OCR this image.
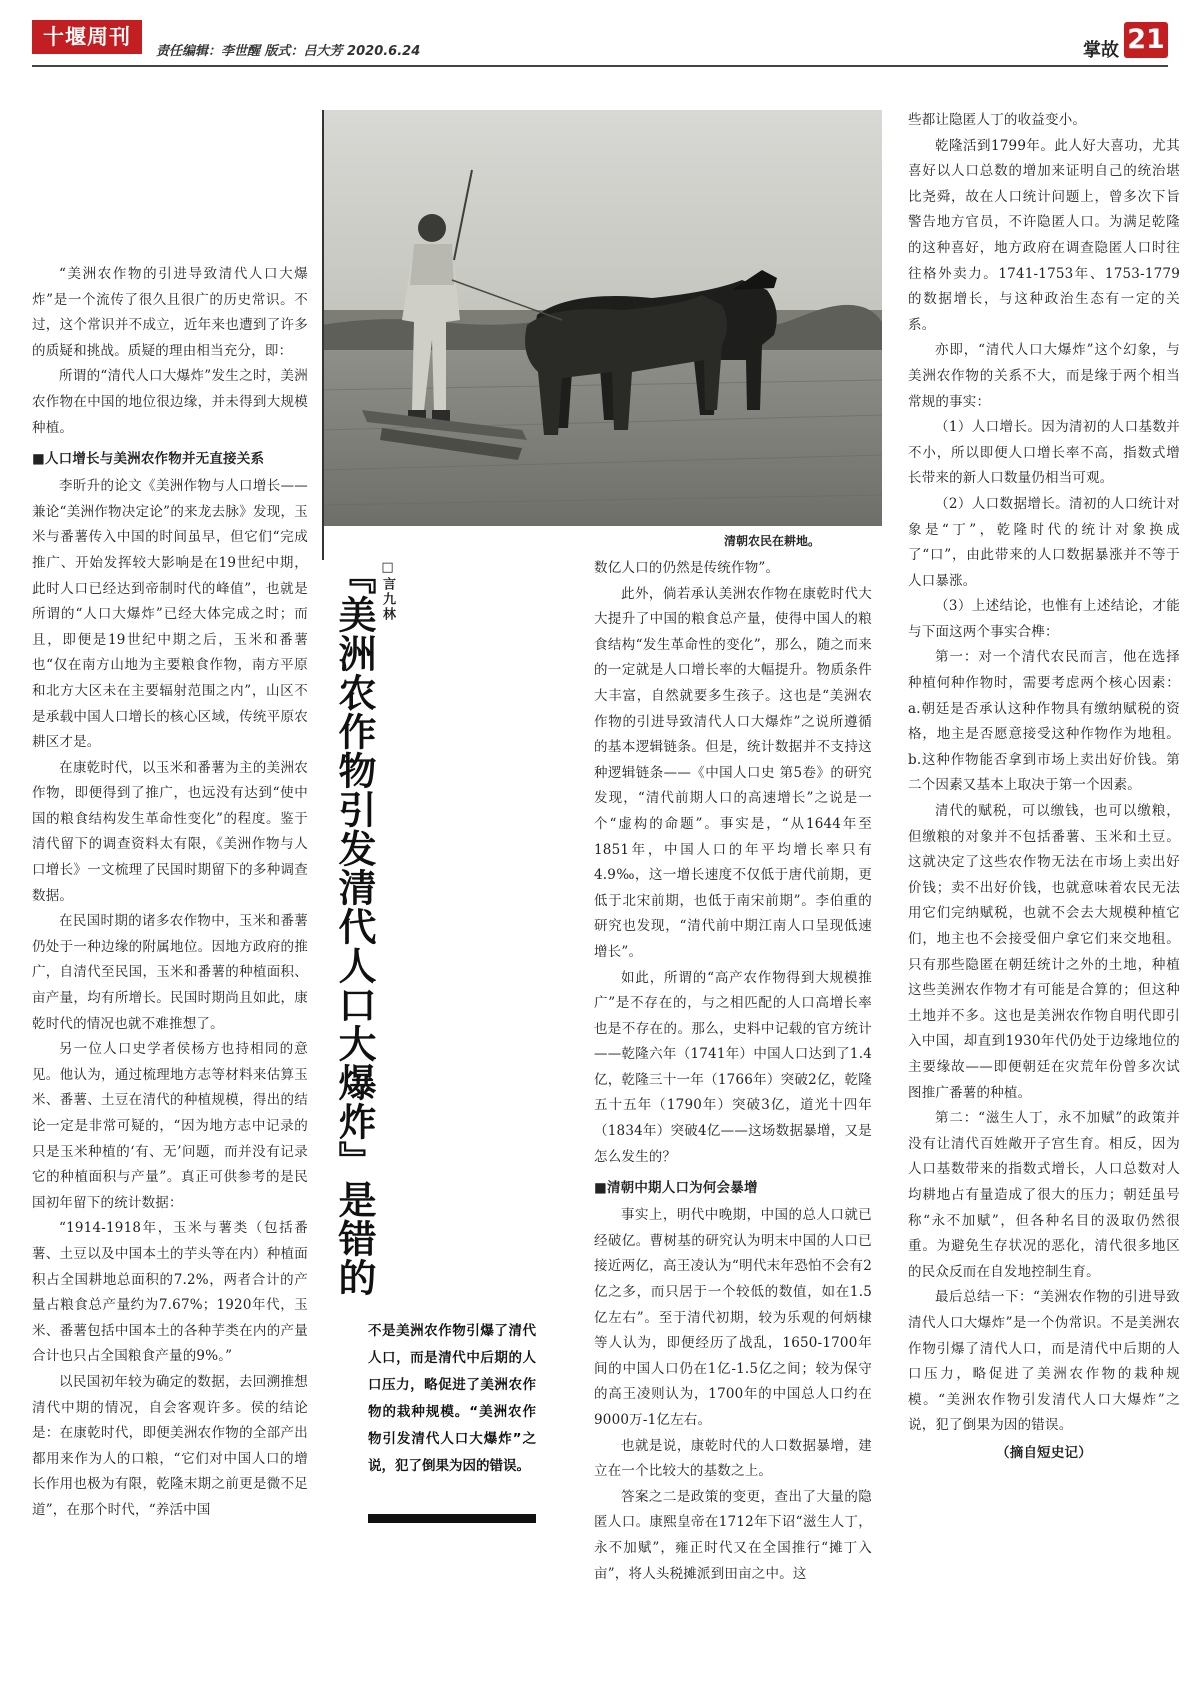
十堰周刊
责任编辑：李世醒 版式：吕大芳 2020.6.24	掌故 21
清朝农民在耕地。
『美洲农作物引发清代人口大爆炸』是错的 □言九林
不是美洲农作物引爆了清代人口，而是清代中后期的人口压力，略促进了美洲农作物的栽种规模。“美洲农作物引发清代人口大爆炸”之说，犯了倒果为因的错误。

“美洲农作物的引进导致清代人口大爆炸”是一个流传了很久且很广的历史常识。不过，这个常识并不成立，近年来也遭到了许多的质疑和挑战。质疑的理由相当充分，即：

所谓的“清代人口大爆炸”发生之时，美洲农作物在中国的地位很边缘，并未得到大规模种植。

■人口增长与美洲农作物并无直接关系

李昕升的论文《美洲作物与人口增长——兼论“美洲作物决定论”的来龙去脉》发现，玉米与番薯传入中国的时间虽早，但它们“完成推广、开始发挥较大影响是在19世纪中期，此时人口已经达到帝制时代的峰值”，也就是所谓的“人口大爆炸”已经大体完成之时；而且，即便是19世纪中期之后，玉米和番薯也“仅在南方山地为主要粮食作物，南方平原和北方大区未在主要辐射范围之内”，山区不是承载中国人口增长的核心区域，传统平原农耕区才是。

在康乾时代，以玉米和番薯为主的美洲农作物，即便得到了推广，也远没有达到“使中国的粮食结构发生革命性变化”的程度。鉴于清代留下的调查资料太有限，《美洲作物与人口增长》一文梳理了民国时期留下的多种调查数据。

在民国时期的诸多农作物中，玉米和番薯仍处于一种边缘的附属地位。因地方政府的推广，自清代至民国，玉米和番薯的种植面积、亩产量，均有所增长。民国时期尚且如此，康乾时代的情况也就不难推想了。

另一位人口史学者侯杨方也持相同的意见。他认为，通过梳理地方志等材料来估算玉米、番薯、土豆在清代的种植规模，得出的结论一定是非常可疑的，“因为地方志中记录的只是玉米种植的‘有、无’问题，而并没有记录它的种植面积与产量”。真正可供参考的是民国初年留下的统计数据：

“1914-1918年，玉米与薯类（包括番薯、土豆以及中国本土的芋头等在内）种植面积占全国耕地总面积的7.2%，两者合计的产量占粮食总产量约为7.67%；1920年代，玉米、番薯包括中国本土的各种芋类在内的产量合计也只占全国粮食产量的9%。”

以民国初年较为确定的数据，去回溯推想清代中期的情况，自会客观许多。侯的结论是：在康乾时代，即便美洲农作物的全部产出都用来作为人的口粮，“它们对中国人口的增长作用也极为有限，乾隆末期之前更是微不足道”，在那个时代，“养活中国

数亿人口的仍然是传统作物”。

此外，倘若承认美洲农作物在康乾时代大大提升了中国的粮食总产量，使得中国人的粮食结构“发生革命性的变化”，那么，随之而来的一定就是人口增长率的大幅提升。物质条件大丰富，自然就要多生孩子。这也是“美洲农作物的引进导致清代人口大爆炸”之说所遵循的基本逻辑链条。但是，统计数据并不支持这种逻辑链条——《中国人口史 第5卷》的研究发现，“清代前期人口的高速增长”之说是一个“虚构的命题”。事实是，“从1644年至1851年，中国人口的年平均增长率只有4.9‰，这一增长速度不仅低于唐代前期，更低于北宋前期，也低于南宋前期”。李伯重的研究也发现，“清代前中期江南人口呈现低速增长”。

如此，所谓的“高产农作物得到大规模推广”是不存在的，与之相匹配的人口高增长率也是不存在的。那么，史料中记载的官方统计——乾隆六年（1741年）中国人口达到了1.4亿，乾隆三十一年（1766年）突破2亿，乾隆五十五年（1790年）突破3亿，道光十四年（1834年）突破4亿——这场数据暴增，又是怎么发生的？

■清朝中期人口为何会暴增

事实上，明代中晚期，中国的总人口就已经破亿。曹树基的研究认为明末中国的人口已接近两亿，高王凌认为“明代末年恐怕不会有2亿之多，而只居于一个较低的数值，如在1.5亿左右”。至于清代初期，较为乐观的何炳棣等人认为，即便经历了战乱，1650-1700年间的中国人口仍在1亿-1.5亿之间；较为保守的高王凌则认为，1700年的中国总人口约在9000万-1亿左右。

也就是说，康乾时代的人口数据暴增，建立在一个比较大的基数之上。

答案之二是政策的变更，查出了大量的隐匿人口。康熙皇帝在1712年下诏“滋生人丁，永不加赋”，雍正时代又在全国推行“摊丁入亩”，将人头税摊派到田亩之中。这

些都让隐匿人丁的收益变小。

乾隆活到1799年。此人好大喜功，尤其喜好以人口总数的增加来证明自己的统治堪比尧舜，故在人口统计问题上，曾多次下旨警告地方官员，不许隐匿人口。为满足乾隆的这种喜好，地方政府在调查隐匿人口时往往格外卖力。1741-1753年、1753-1779的数据增长，与这种政治生态有一定的关系。

亦即，“清代人口大爆炸”这个幻象，与美洲农作物的关系不大，而是缘于两个相当常规的事实：

（1）人口增长。因为清初的人口基数并不小，所以即便人口增长率不高，指数式增长带来的新人口数量仍相当可观。

（2）人口数据增长。清初的人口统计对象是“丁”，乾隆时代的统计对象换成了“口”，由此带来的人口数据暴涨并不等于人口暴涨。

（3）上述结论，也惟有上述结论，才能与下面这两个事实合榫：

第一：对一个清代农民而言，他在选择种植何种作物时，需要考虑两个核心因素：a.朝廷是否承认这种作物具有缴纳赋税的资格，地主是否愿意接受这种作物作为地租。b.这种作物能否拿到市场上卖出好价钱。第二个因素又基本上取决于第一个因素。

清代的赋税，可以缴钱，也可以缴粮，但缴粮的对象并不包括番薯、玉米和土豆。这就决定了这些农作物无法在市场上卖出好价钱；卖不出好价钱，也就意味着农民无法用它们完纳赋税，也就不会去大规模种植它们，地主也不会接受佃户拿它们来交地租。只有那些隐匿在朝廷统计之外的土地，种植这些美洲农作物才有可能是合算的；但这种土地并不多。这也是美洲农作物自明代即引入中国，却直到1930年代仍处于边缘地位的主要缘故——即便朝廷在灾荒年份曾多次试图推广番薯的种植。

第二：“滋生人丁，永不加赋”的政策并没有让清代百姓敞开子宫生育。相反，因为人口基数带来的指数式增长，人口总数对人均耕地占有量造成了很大的压力；朝廷虽号称“永不加赋”，但各种名目的汲取仍然很重。为避免生存状况的恶化，清代很多地区的民众反而在自发地控制生育。

最后总结一下：“美洲农作物的引进导致清代人口大爆炸”是一个伪常识。不是美洲农作物引爆了清代人口，而是清代中后期的人口压力，略促进了美洲农作物的栽种规模。“美洲农作物引发清代人口大爆炸”之说，犯了倒果为因的错误。

（摘自短史记）
